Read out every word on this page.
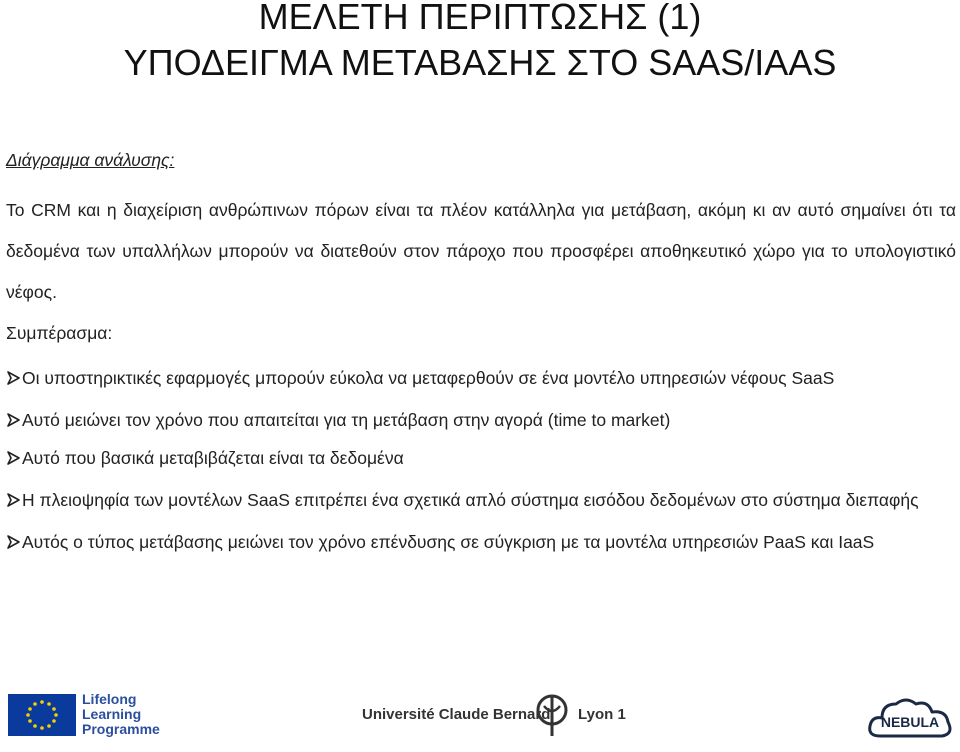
ΜΕΛΕΤΗ ΠΕΡΙΠΤΩΣΗΣ (1)
ΥΠΟΔΕΙΓΜΑ ΜΕΤΑΒΑΣΗΣ ΣΤΟ SAAS/IAAS
Διάγραμμα ανάλυσης:

Το CRM και η διαχείριση ανθρώπινων πόρων είναι τα πλέον κατάλληλα για μετάβαση, ακόμη κι αν αυτό σημαίνει ότι τα δεδομένα των υπαλλήλων μπορούν να διατεθούν στον πάροχο που προσφέρει αποθηκευτικό χώρο για το υπολογιστικό νέφος.

Συμπέρασμα:

Οι υποστηρικτικές εφαρμογές μπορούν εύκολα να μεταφερθούν σε ένα μοντέλο υπηρεσιών νέφους SaaS

Αυτό μειώνει τον χρόνο που απαιτείται για τη μετάβαση στην αγορά (time to market)

Αυτό που βασικά μεταβιβάζεται είναι τα δεδομένα

Η πλειοψηφία των μοντέλων SaaS επιτρέπει ένα σχετικά απλό σύστημα εισόδου δεδομένων στο σύστημα διεπαφής

Αυτός ο τύπος μετάβασης μειώνει τον χρόνο επένδυσης σε σύγκριση με τα μοντέλα υπηρεσιών PaaS και IaaS

Lifelong
Learning
Programme
Université Claude Bernard Lyon 1	NEBULA
